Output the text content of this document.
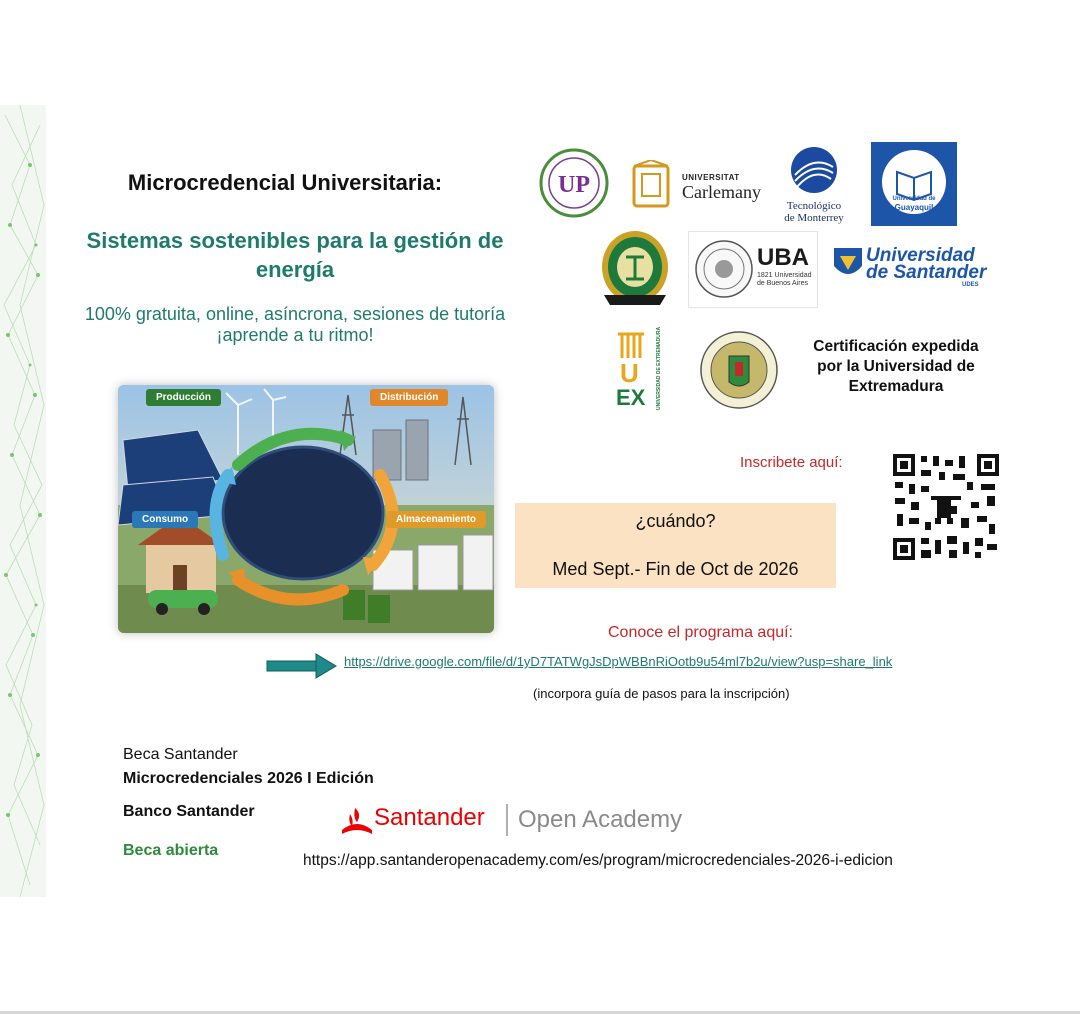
Microcredencial Universitaria:
Sistemas sostenibles para la gestión de energía
100% gratuita, online, asíncrona, sesiones de tutoría
¡aprende a tu ritmo!
Producción	Distribución
Consumo	Almacenamiento
UP	UNIVERSITAT
Carlemany
Tecnológico
de Monterrey
Universidad de
Guayaquil
UBA
1821 Universidad
de Buenos Aires
Universidad
de Santander
UDES
U
EX UNIVERSIDAD DE EXTREMADURA	Certificación expedida
por la Universidad de
Extremadura
Inscribete aquí:
¿cuándo?
Med Sept.- Fin de Oct de 2026
Conoce el programa aquí:
https://drive.google.com/file/d/1yD7TATWgJsDpWBBnRiOotb9u54ml7b2u/view?usp=share_link
(incorpora guía de pasos para la inscripción)
Beca Santander
Microcredenciales 2026 I Edición
Banco Santander
Beca abierta
Santander Open Academy
https://app.santanderopenacademy.com/es/program/microcredenciales-2026-i-edicion
